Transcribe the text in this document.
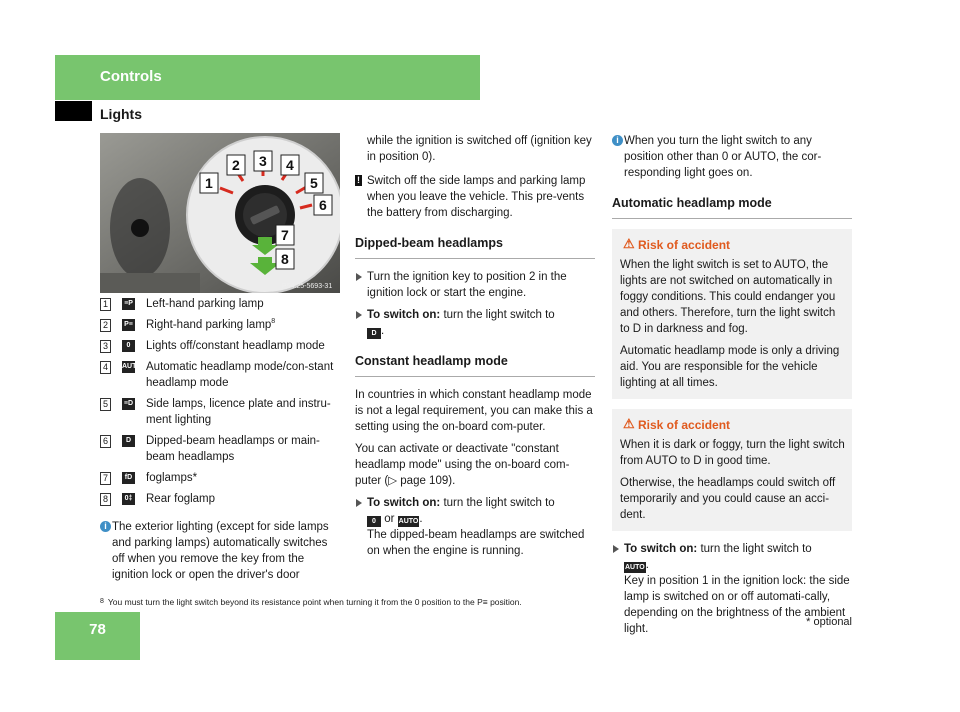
Controls
Lights
1
2 3 4
5
6
7
8
P54.25-5693-31
1	≡P Left-hand parking lamp
2	P≡ Right-hand parking lamp$^8$
3	0	Lights off/constant headlamp mode
4	AUTO Automatic headlamp mode/con-stant headlamp mode
5	≡D Side lamps, licence plate and instru-ment lighting
6	D	Dipped-beam headlamps or main-beam headlamps
7	fD foglamps*
8	0‡ Rear foglamp
i The exterior lighting (except for side lamps and parking lamps) automatically switches off when you remove the key from the ignition lock or open the driver's door
while the ignition is switched off (ignition key in position 0).
! Switch off the side lamps and parking lamp when you leave the vehicle. This pre-vents the battery from discharging.
Dipped-beam headlamps
Turn the ignition key to position 2 in the ignition lock or start the engine.
To switch on: turn the light switch to
D .
Constant headlamp mode
In countries in which constant headlamp mode is not a legal requirement, you can make this a setting using the on-board com-puter.
You can activate or deactivate "constant headlamp mode" using the on-board com-puter (▷ page 109).
To switch on: turn the light switch to
0 or AUTO.
The dipped-beam headlamps are switched on when the engine is running.
i When you turn the light switch to any position other than 0 or AUTO, the cor-responding light goes on.
Automatic headlamp mode
⚠ Risk of accident
When the light switch is set to AUTO, the lights are not switched on automatically in foggy conditions. This could endanger you and others. Therefore, turn the light switch to D in darkness and fog.
Automatic headlamp mode is only a driving aid. You are responsible for the vehicle lighting at all times.
⚠ Risk of accident
When it is dark or foggy, turn the light switch from AUTO to D in good time.
Otherwise, the headlamps could switch off temporarily and you could cause an acci-dent.
To switch on: turn the light switch to
AUTO.
Key in position 1 in the ignition lock: the side lamp is switched on or off automati-cally, depending on the brightness of the ambient light.
$^8$ You must turn the light switch beyond its resistance point when turning it from the 0 position to the P≡ position.
78	* optional
